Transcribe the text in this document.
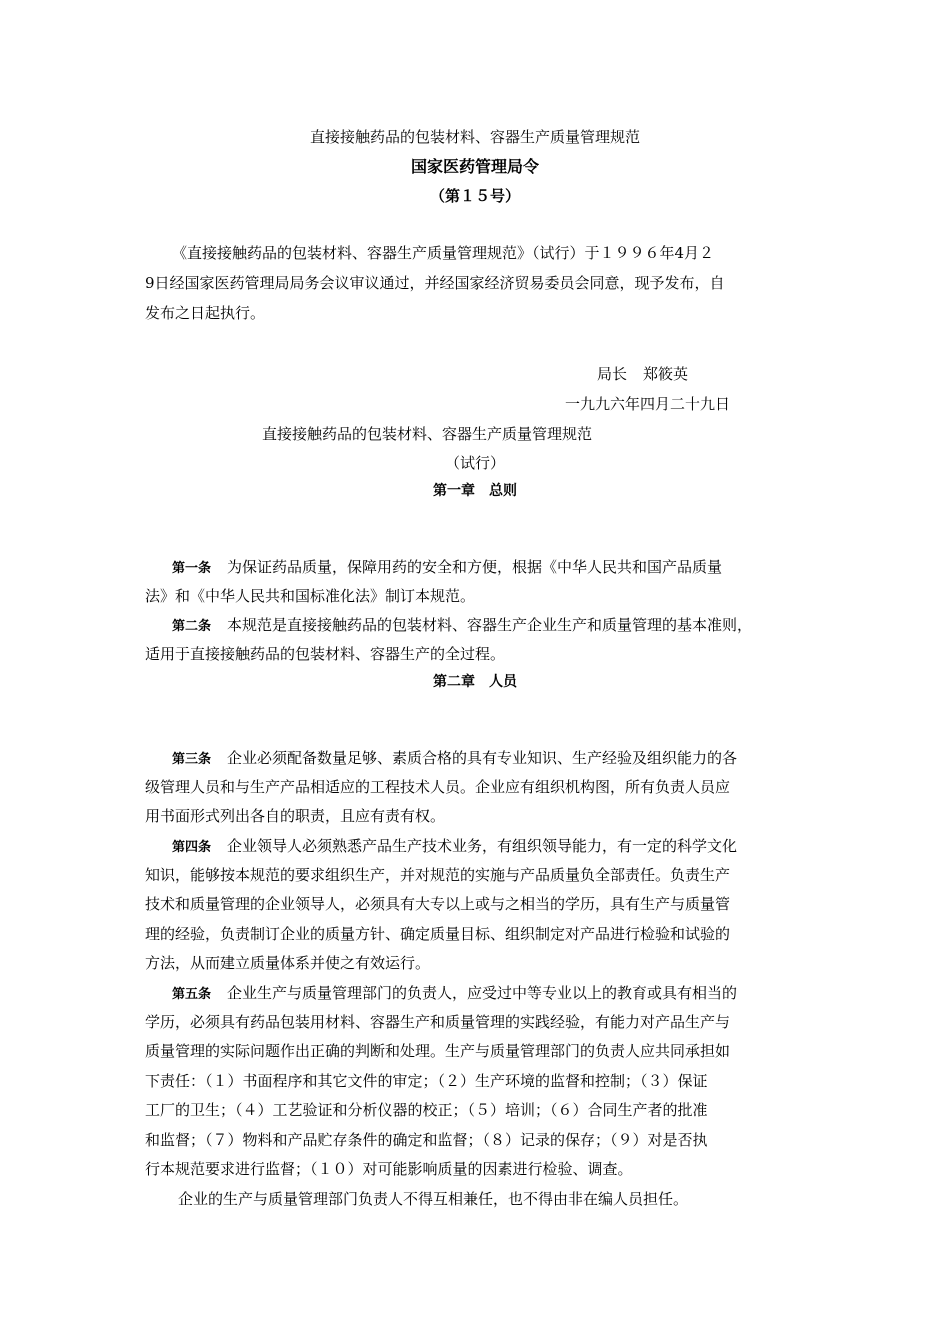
直接接触药品的包装材料、容器生产质量管理规范
国家医药管理局令
（第１５号）
《直接接触药品的包装材料、容器生产质量管理规范》（试行）于１９９６年4月２
9日经国家医药管理局局务会议审议通过，并经国家经济贸易委员会同意，现予发布，自
发布之日起执行。
局长 郑筱英
一九九六年四月二十九日
直接接触药品的包装材料、容器生产质量管理规范
（试行）
第一章　总则
第一条 为保证药品质量，保障用药的安全和方便，根据《中华人民共和国产品质量
法》和《中华人民共和国标准化法》制订本规范。
第二条 本规范是直接接触药品的包装材料、容器生产企业生产和质量管理的基本准则，
适用于直接接触药品的包装材料、容器生产的全过程。
第二章　人员
第三条 企业必须配备数量足够、素质合格的具有专业知识、生产经验及组织能力的各
级管理人员和与生产产品相适应的工程技术人员。企业应有组织机构图，所有负责人员应
用书面形式列出各自的职责，且应有责有权。
第四条 企业领导人必须熟悉产品生产技术业务，有组织领导能力，有一定的科学文化
知识，能够按本规范的要求组织生产，并对规范的实施与产品质量负全部责任。负责生产
技术和质量管理的企业领导人，必须具有大专以上或与之相当的学历，具有生产与质量管
理的经验，负责制订企业的质量方针、确定质量目标、组织制定对产品进行检验和试验的
方法，从而建立质量体系并使之有效运行。
第五条 企业生产与质量管理部门的负责人，应受过中等专业以上的教育或具有相当的
学历，必须具有药品包装用材料、容器生产和质量管理的实践经验，有能力对产品生产与
质量管理的实际问题作出正确的判断和处理。生产与质量管理部门的负责人应共同承担如
下责任：（１）书面程序和其它文件的审定；（２）生产环境的监督和控制；（３）保证
工厂的卫生；（４）工艺验证和分析仪器的校正；（５）培训；（６）合同生产者的批准
和监督；（７）物料和产品贮存条件的确定和监督；（８）记录的保存；（９）对是否执
行本规范要求进行监督；（１０）对可能影响质量的因素进行检验、调查。
企业的生产与质量管理部门负责人不得互相兼任，也不得由非在编人员担任。
